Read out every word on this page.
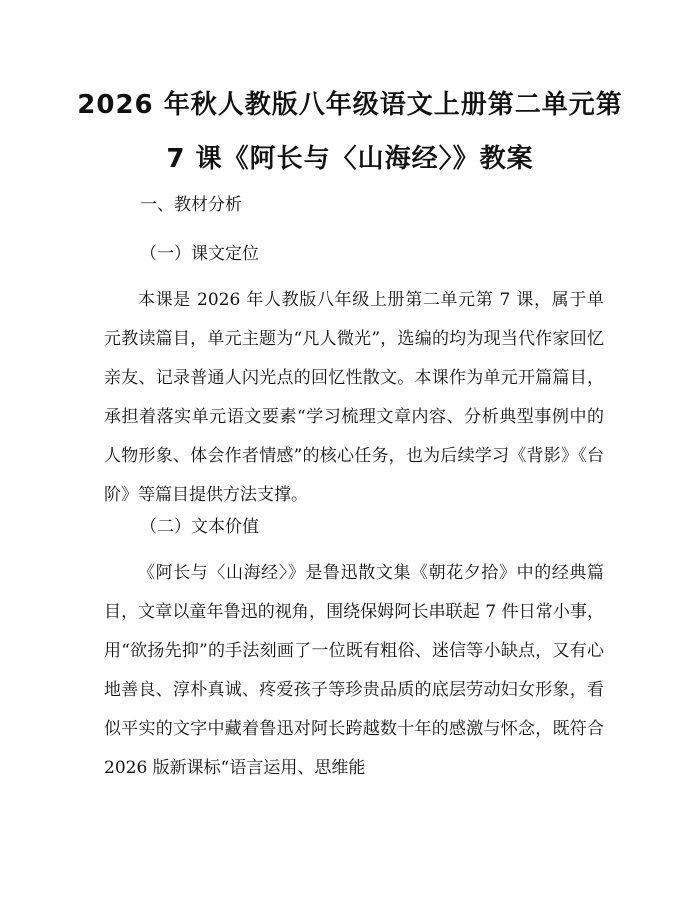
2026 年秋人教版八年级语文上册第二单元第
7 课《阿长与〈山海经〉》教案
一、教材分析
（一）课文定位
本课是 2026 年人教版八年级上册第二单元第 7 课，属于单元教读篇目，单元主题为“凡人微光”，选编的均为现当代作家回忆亲友、记录普通人闪光点的回忆性散文。本课作为单元开篇篇目，承担着落实单元语文要素“学习梳理文章内容、分析典型事例中的人物形象、体会作者情感”的核心任务，也为后续学习《背影》《台阶》等篇目提供方法支撑。
（二）文本价值
《阿长与〈山海经〉》是鲁迅散文集《朝花夕拾》中的经典篇目，文章以童年鲁迅的视角，围绕保姆阿长串联起 7 件日常小事，用“欲扬先抑”的手法刻画了一位既有粗俗、迷信等小缺点，又有心地善良、淳朴真诚、疼爱孩子等珍贵品质的底层劳动妇女形象，看似平实的文字中藏着鲁迅对阿长跨越数十年的感激与怀念，既符合 2026 版新课标“语言运用、思维能
